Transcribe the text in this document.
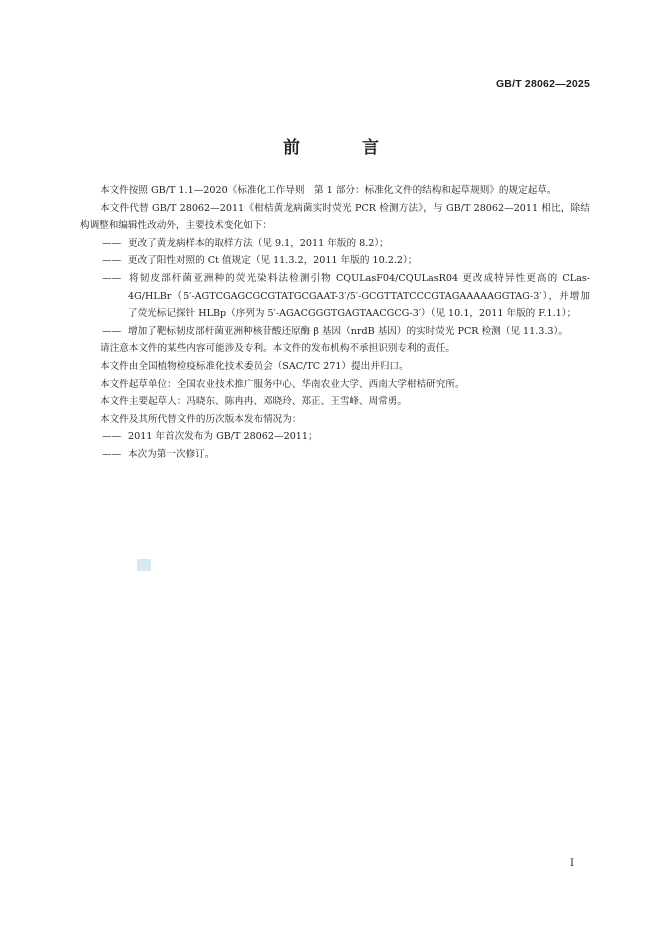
GB/T 28062—2025
前 言

本文件按照 GB/T 1.1—2020《标准化工作导则　第 1 部分：标准化文件的结构和起草规则》的规定起草。

本文件代替 GB/T 28062—2011《柑桔黄龙病菌实时荧光 PCR 检测方法》，与 GB/T 28062—2011 相比，除结构调整和编辑性改动外，主要技术变化如下：

—— 更改了黄龙病样本的取样方法（见 9.1，2011 年版的 8.2）；

—— 更改了阳性对照的 Ct 值规定（见 11.3.2，2011 年版的 10.2.2）；

—— 将韧皮部杆菌亚洲种的荧光染料法检测引物 CQULasF04/CQULasR04 更改成特异性更高的 CLas-4G/HLBr（5′-AGTCGAGCGCGTATGCGAAT-3′/5′-GCGTTATCCCGTAGAAAAAGGTAG-3′），并增加了荧光标记探针 HLBp（序列为 5′-AGACGGGTGAGTAACGCG-3′）（见 10.1，2011 年版的 F.1.1）；

—— 增加了靶标韧皮部杆菌亚洲种核苷酸还原酶 β 基因（nrdB 基因）的实时荧光 PCR 检测（见 11.3.3）。

请注意本文件的某些内容可能涉及专利。本文件的发布机构不承担识别专利的责任。

本文件由全国植物检疫标准化技术委员会（SAC/TC 271）提出并归口。

本文件起草单位：全国农业技术推广服务中心、华南农业大学、西南大学柑桔研究所。

本文件主要起草人：冯晓东、陈冉冉、邓晓玲、郑正、王雪峰、周常勇。

本文件及其所代替文件的历次版本发布情况为：

—— 2011 年首次发布为 GB/T 28062—2011；

—— 本次为第一次修订。

I
